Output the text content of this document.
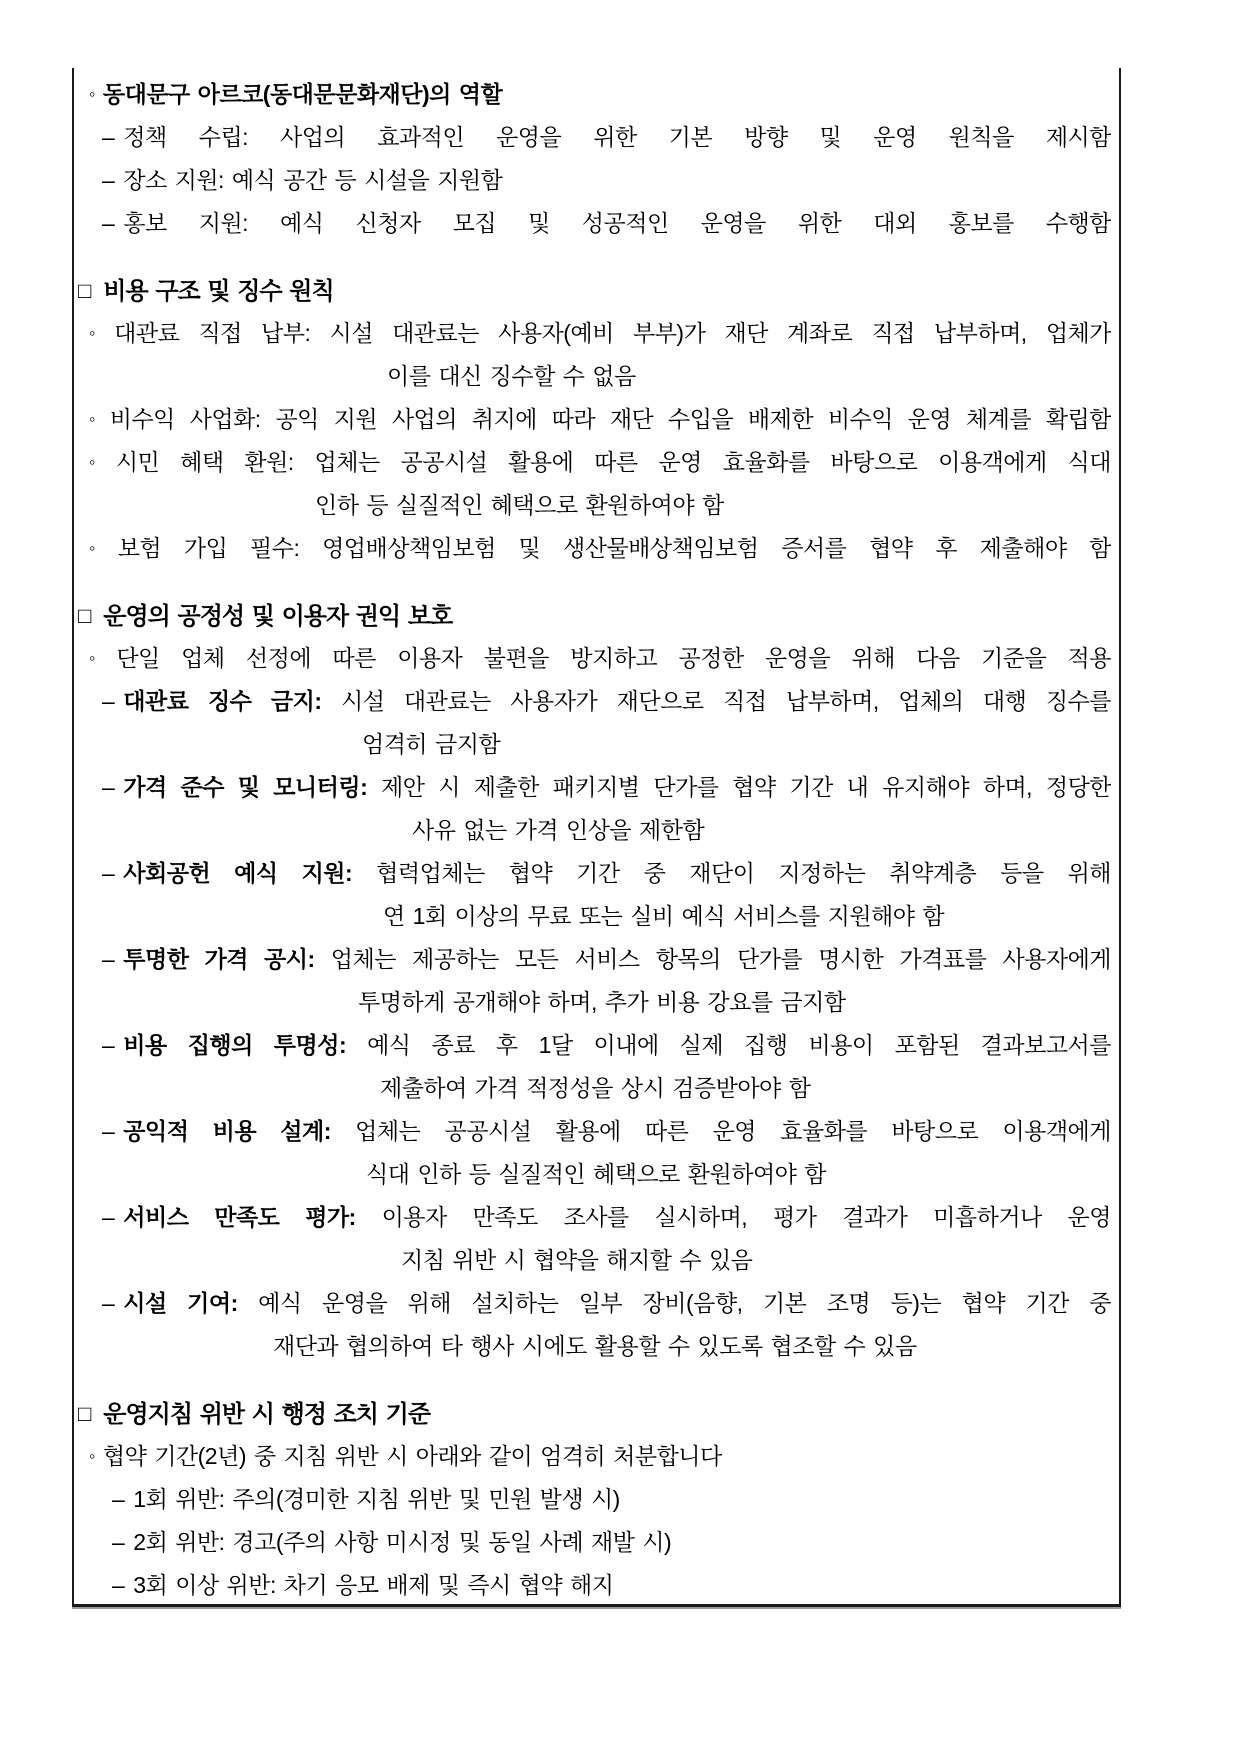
◦ 동대문구 아르코(동대문문화재단)의 역할
– 정책 수립: 사업의 효과적인 운영을 위한 기본 방향 및 운영 원칙을 제시함
– 장소 지원: 예식 공간 등 시설을 지원함
– 홍보 지원: 예식 신청자 모집 및 성공적인 운영을 위한 대외 홍보를 수행함
□ 비용 구조 및 징수 원칙
◦ 대관료 직접 납부: 시설 대관료는 사용자(예비 부부)가 재단 계좌로 직접 납부하며, 업체가
이를 대신 징수할 수 없음
◦ 비수익 사업화: 공익 지원 사업의 취지에 따라 재단 수입을 배제한 비수익 운영 체계를 확립함
◦ 시민 혜택 환원: 업체는 공공시설 활용에 따른 운영 효율화를 바탕으로 이용객에게 식대
인하 등 실질적인 혜택으로 환원하여야 함
◦ 보험 가입 필수: 영업배상책임보험 및 생산물배상책임보험 증서를 협약 후 제출해야 함
□ 운영의 공정성 및 이용자 권익 보호
◦ 단일 업체 선정에 따른 이용자 불편을 방지하고 공정한 운영을 위해 다음 기준을 적용
– 대관료 징수 금지: 시설 대관료는 사용자가 재단으로 직접 납부하며, 업체의 대행 징수를
엄격히 금지함
– 가격 준수 및 모니터링: 제안 시 제출한 패키지별 단가를 협약 기간 내 유지해야 하며, 정당한
사유 없는 가격 인상을 제한함
– 사회공헌 예식 지원: 협력업체는 협약 기간 중 재단이 지정하는 취약계층 등을 위해
연 1회 이상의 무료 또는 실비 예식 서비스를 지원해야 함
– 투명한 가격 공시: 업체는 제공하는 모든 서비스 항목의 단가를 명시한 가격표를 사용자에게
투명하게 공개해야 하며, 추가 비용 강요를 금지함
– 비용 집행의 투명성: 예식 종료 후 1달 이내에 실제 집행 비용이 포함된 결과보고서를
제출하여 가격 적정성을 상시 검증받아야 함
– 공익적 비용 설계: 업체는 공공시설 활용에 따른 운영 효율화를 바탕으로 이용객에게
식대 인하 등 실질적인 혜택으로 환원하여야 함
– 서비스 만족도 평가: 이용자 만족도 조사를 실시하며, 평가 결과가 미흡하거나 운영
지침 위반 시 협약을 해지할 수 있음
– 시설 기여: 예식 운영을 위해 설치하는 일부 장비(음향, 기본 조명 등)는 협약 기간 중
재단과 협의하여 타 행사 시에도 활용할 수 있도록 협조할 수 있음
□ 운영지침 위반 시 행정 조치 기준
◦ 협약 기간(2년) 중 지침 위반 시 아래와 같이 엄격히 처분합니다
– 1회 위반: 주의(경미한 지침 위반 및 민원 발생 시)
– 2회 위반: 경고(주의 사항 미시정 및 동일 사례 재발 시)
– 3회 이상 위반: 차기 응모 배제 및 즉시 협약 해지
